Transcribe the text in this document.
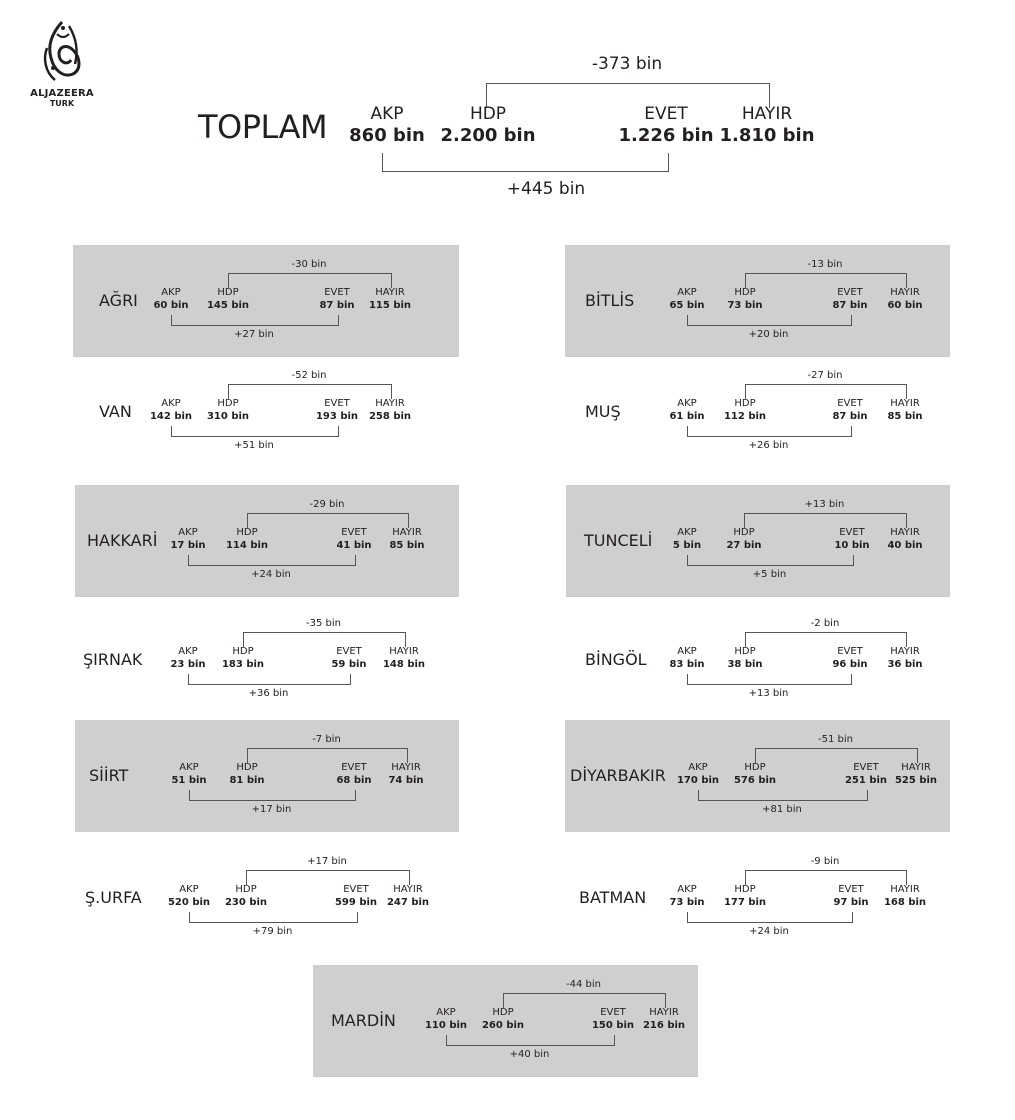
ALJAZEERA
TURK
TOPLAM
-373 bin
AKP
860 bin
HDP
2.200 bin
EVET
1.226 bin
HAYIR
1.810 bin
+445 bin
AĞRI
-30 bin
AKP
60 bin
HDP
145 bin
EVET
87 bin
HAYIR
115 bin
+27 bin
BİTLİS
-13 bin
AKP
65 bin
HDP
73 bin
EVET
87 bin
HAYIR
60 bin
+20 bin
VAN
-52 bin
AKP
142 bin
HDP
310 bin
EVET
193 bin
HAYIR
258 bin
+51 bin
MUŞ
-27 bin
AKP
61 bin
HDP
112 bin
EVET
87 bin
HAYIR
85 bin
+26 bin
HAKKARİ
-29 bin
AKP
17 bin
HDP
114 bin
EVET
41 bin
HAYIR
85 bin
+24 bin
TUNCELİ
+13 bin
AKP
5 bin
HDP
27 bin
EVET
10 bin
HAYIR
40 bin
+5 bin
ŞIRNAK
-35 bin
AKP
23 bin
HDP
183 bin
EVET
59 bin
HAYIR
148 bin
+36 bin
BİNGÖL
-2 bin
AKP
83 bin
HDP
38 bin
EVET
96 bin
HAYIR
36 bin
+13 bin
SİİRT
-7 bin
AKP
51 bin
HDP
81 bin
EVET
68 bin
HAYIR
74 bin
+17 bin
DİYARBAKIR
-51 bin
AKP
170 bin
HDP
576 bin
EVET
251 bin
HAYIR
525 bin
+81 bin
Ş.URFA
+17 bin
AKP
520 bin
HDP
230 bin
EVET
599 bin
HAYIR
247 bin
+79 bin
BATMAN
-9 bin
AKP
73 bin
HDP
177 bin
EVET
97 bin
HAYIR
168 bin
+24 bin
MARDİN
-44 bin
AKP
110 bin
HDP
260 bin
EVET
150 bin
HAYIR
216 bin
+40 bin
